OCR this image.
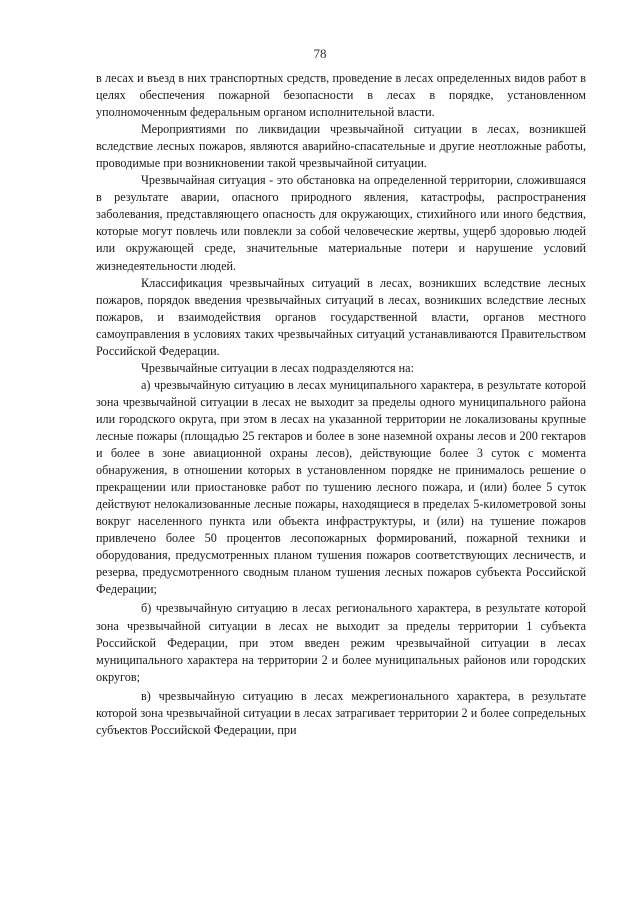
78

в лесах и въезд в них транспортных средств, проведение в лесах определенных видов работ в целях обеспечения пожарной безопасности в лесах в порядке, установленном уполномоченным федеральным органом исполнительной власти.

Мероприятиями по ликвидации чрезвычайной ситуации в лесах, возникшей вследствие лесных пожаров, являются аварийно-спасательные и другие неотложные работы, проводимые при возникновении такой чрезвычайной ситуации.

Чрезвычайная ситуация - это обстановка на определенной территории, сложившаяся в результате аварии, опасного природного явления, катастрофы, распространения заболевания, представляющего опасность для окружающих, стихийного или иного бедствия, которые могут повлечь или повлекли за собой человеческие жертвы, ущерб здоровью людей или окружающей среде, значительные материальные потери и нарушение условий жизнедеятельности людей.

Классификация чрезвычайных ситуаций в лесах, возникших вследствие лесных пожаров, порядок введения чрезвычайных ситуаций в лесах, возникших вследствие лесных пожаров, и взаимодействия органов государственной власти, органов местного самоуправления в условиях таких чрезвычайных ситуаций устанавливаются Правительством Российской Федерации.

Чрезвычайные ситуации в лесах подразделяются на:

а) чрезвычайную ситуацию в лесах муниципального характера, в результате которой зона чрезвычайной ситуации в лесах не выходит за пределы одного муниципального района или городского округа, при этом в лесах на указанной территории не локализованы крупные лесные пожары (площадью 25 гектаров и более в зоне наземной охраны лесов и 200 гектаров и более в зоне авиационной охраны лесов), действующие более 3 суток с момента обнаружения, в отношении которых в установленном порядке не принималось решение о прекращении или приостановке работ по тушению лесного пожара, и (или) более 5 суток действуют нелокализованные лесные пожары, находящиеся в пределах 5-километровой зоны вокруг населенного пункта или объекта инфраструктуры, и (или) на тушение пожаров привлечено более 50 процентов лесопожарных формирований, пожарной техники и оборудования, предусмотренных планом тушения пожаров соответствующих лесничеств, и резерва, предусмотренного сводным планом тушения лесных пожаров субъекта Российской Федерации;

б) чрезвычайную ситуацию в лесах регионального характера, в результате которой зона чрезвычайной ситуации в лесах не выходит за пределы территории 1 субъекта Российской Федерации, при этом введен режим чрезвычайной ситуации в лесах муниципального характера на территории 2 и более муниципальных районов или городских округов;

в) чрезвычайную ситуацию в лесах межрегионального характера, в результате которой зона чрезвычайной ситуации в лесах затрагивает территории 2 и более сопредельных субъектов Российской Федерации, при
